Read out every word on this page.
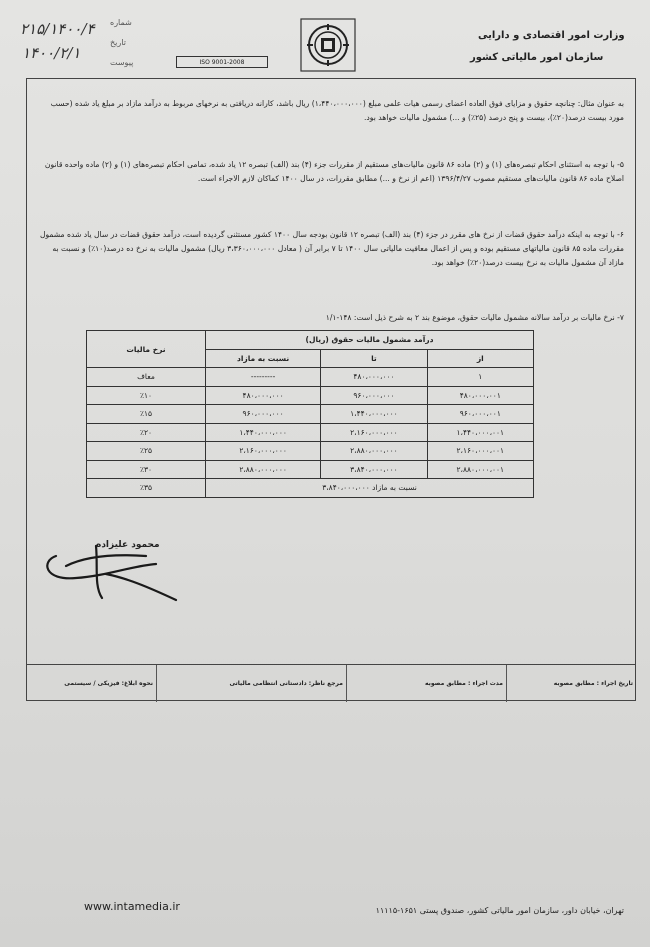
۲۱۵/۱۴۰۰/۴
۱۴۰۰/۲/۱
شماره
تاریخ
پیوست	ISO 9001-2008
وزارت امور اقتصادی و دارایی
سازمان امور مالیاتی کشور
به عنوان مثال: چنانچه حقوق و مزایای فوق العاده اعضای رسمی هیات علمی مبلغ (۱،۴۴۰،۰۰۰،۰۰۰) ریال باشد، کارانه دریافتی به نرخهای مربوط به درآمد مازاد بر مبلغ یاد شده (حسب مورد بیست درصد(۲۰٪)، بیست و پنج درصد (۲۵٪) و ...) مشمول مالیات خواهد بود.
۵- با توجه به استثنای احکام تبصره‌های (۱) و (۲) ماده ۸۶ قانون مالیات‌های مستقیم از مقررات جزء (۴) بند (الف) تبصره ۱۲ یاد شده، تمامی احکام تبصره‌های (۱) و (۲) ماده واحده قانون اصلاح ماده ۸۶ قانون مالیات‌های مستقیم مصوب ۱۳۹۶/۴/۲۷ (اعم از نرخ و ...) مطابق مقررات، در سال ۱۴۰۰ کماکان لازم الاجراء است.
۶- با توجه به اینکه درآمد حقوق قضات از نرخ های مقرر در جزء (۴) بند (الف) تبصره ۱۲ قانون بودجه سال ۱۴۰۰ کشور مستثنی گردیده است، درآمد حقوق قضات در سال یاد شده مشمول مقررات ماده ۸۵ قانون مالیاتهای مستقیم بوده و پس از اعمال معافیت مالیاتی سال ۱۴۰۰ تا ۷ برابر آن ( معادل ۳،۳۶۰،۰۰۰،۰۰۰ ریال) مشمول مالیات به نرخ ده درصد(۱۰٪) و نسبت به مازاد آن مشمول مالیات به نرخ بیست درصد(۲۰٪) خواهد بود.
۷- نرخ مالیات بر درآمد سالانه مشمول مالیات حقوق، موضوع بند ۲ به شرح ذیل است: ۱۴۸-۱/۱
درآمد مشمول مالیات حقوق (ریال)			نرخ مالیات
از	تا	نسبت به مازاد	
۱	۴۸۰،۰۰۰،۰۰۰	---------	معاف
۴۸۰،۰۰۰،۰۰۱	۹۶۰،۰۰۰،۰۰۰	۴۸۰،۰۰۰،۰۰۰	٪۱۰
۹۶۰،۰۰۰،۰۰۱	۱،۴۴۰،۰۰۰،۰۰۰	۹۶۰،۰۰۰،۰۰۰	٪۱۵
۱،۴۴۰،۰۰۰،۰۰۱	۲،۱۶۰،۰۰۰،۰۰۰	۱،۴۴۰،۰۰۰،۰۰۰	٪۲۰
۲،۱۶۰،۰۰۰،۰۰۱	۲،۸۸۰،۰۰۰،۰۰۰	۲،۱۶۰،۰۰۰،۰۰۰	٪۲۵
۲،۸۸۰،۰۰۰،۰۰۱	۳،۸۴۰،۰۰۰،۰۰۰	۲،۸۸۰،۰۰۰،۰۰۰	٪۳۰
نسبت به مازاد ۳،۸۴۰،۰۰۰،۰۰۰			٪۳۵
محمود علیزاده
تاریخ اجراء : مطابق مصوبه
مدت اجراء : مطابق مصوبه
مرجع ناظر: دادستانی انتظامی مالیاتی
نحوه ابلاغ: فیزیکی / سیستمی
www.intamedia.ir	تهران، خیابان داور، سازمان امور مالیاتی کشور، صندوق پستی ۱۶۵۱-۱۱۱۱۵
